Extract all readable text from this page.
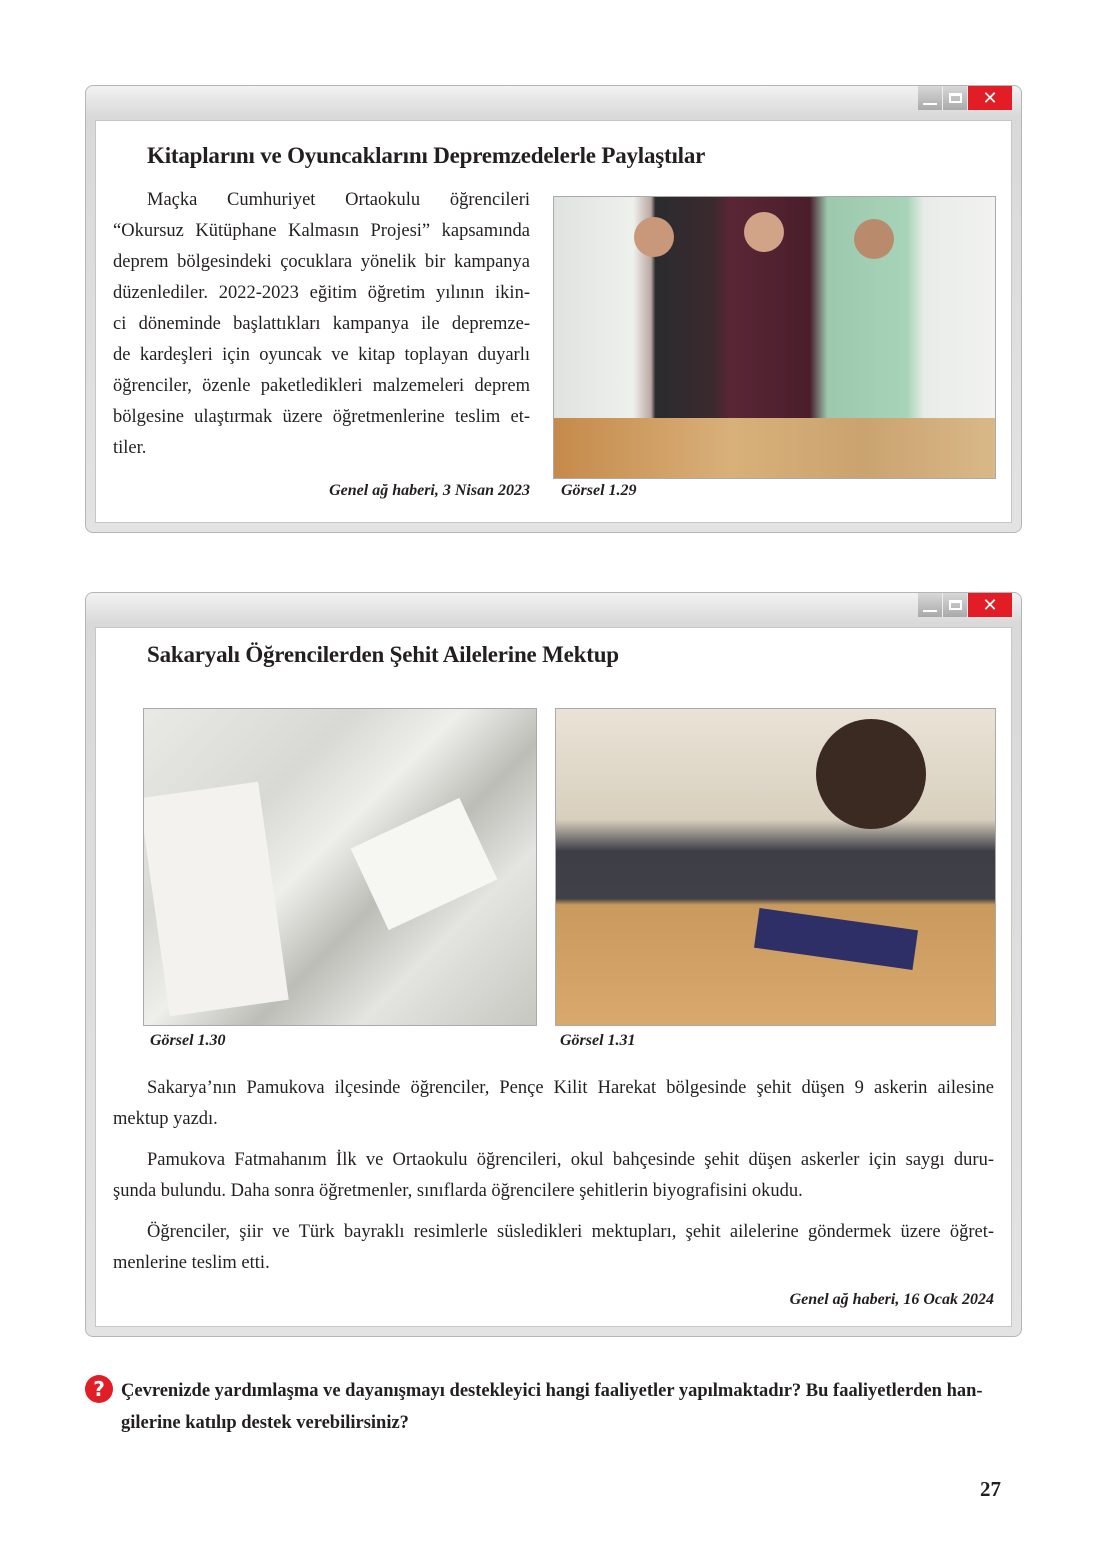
✕
Kitaplarını ve Oyuncaklarını Depremzedelerle Paylaştılar
Maçka Cumhuriyet Ortaokulu öğrencileri
“Okursuz Kütüphane Kalmasın Projesi” kapsamında
deprem bölgesindeki çocuklara yönelik bir kampanya
düzenlediler. 2022-2023 eğitim öğretim yılının ikin-
ci döneminde başlattıkları kampanya ile depremze-
de kardeşleri için oyuncak ve kitap toplayan duyarlı
öğrenciler, özenle paketledikleri malzemeleri deprem
bölgesine ulaştırmak üzere öğretmenlerine teslim et-
tiler.
Genel ağ haberi, 3 Nisan 2023 Görsel 1.29
✕
Sakaryalı Öğrencilerden Şehit Ailelerine Mektup
Görsel 1.30	Görsel 1.31
Sakarya’nın Pamukova ilçesinde öğrenciler, Pençe Kilit Harekat bölgesinde şehit düşen 9 askerin ailesine
mektup yazdı.
Pamukova Fatmahanım İlk ve Ortaokulu öğrencileri, okul bahçesinde şehit düşen askerler için saygı duru-
şunda bulundu. Daha sonra öğretmenler, sınıflarda öğrencilere şehitlerin biyografisini okudu.
Öğrenciler, şiir ve Türk bayraklı resimlerle süsledikleri mektupları, şehit ailelerine göndermek üzere öğret-
menlerine teslim etti.
Genel ağ haberi, 16 Ocak 2024
? Çevrenizde yardımlaşma ve dayanışmayı destekleyici hangi faaliyetler yapılmaktadır? Bu faaliyetlerden han-
gilerine katılıp destek verebilirsiniz?
27
